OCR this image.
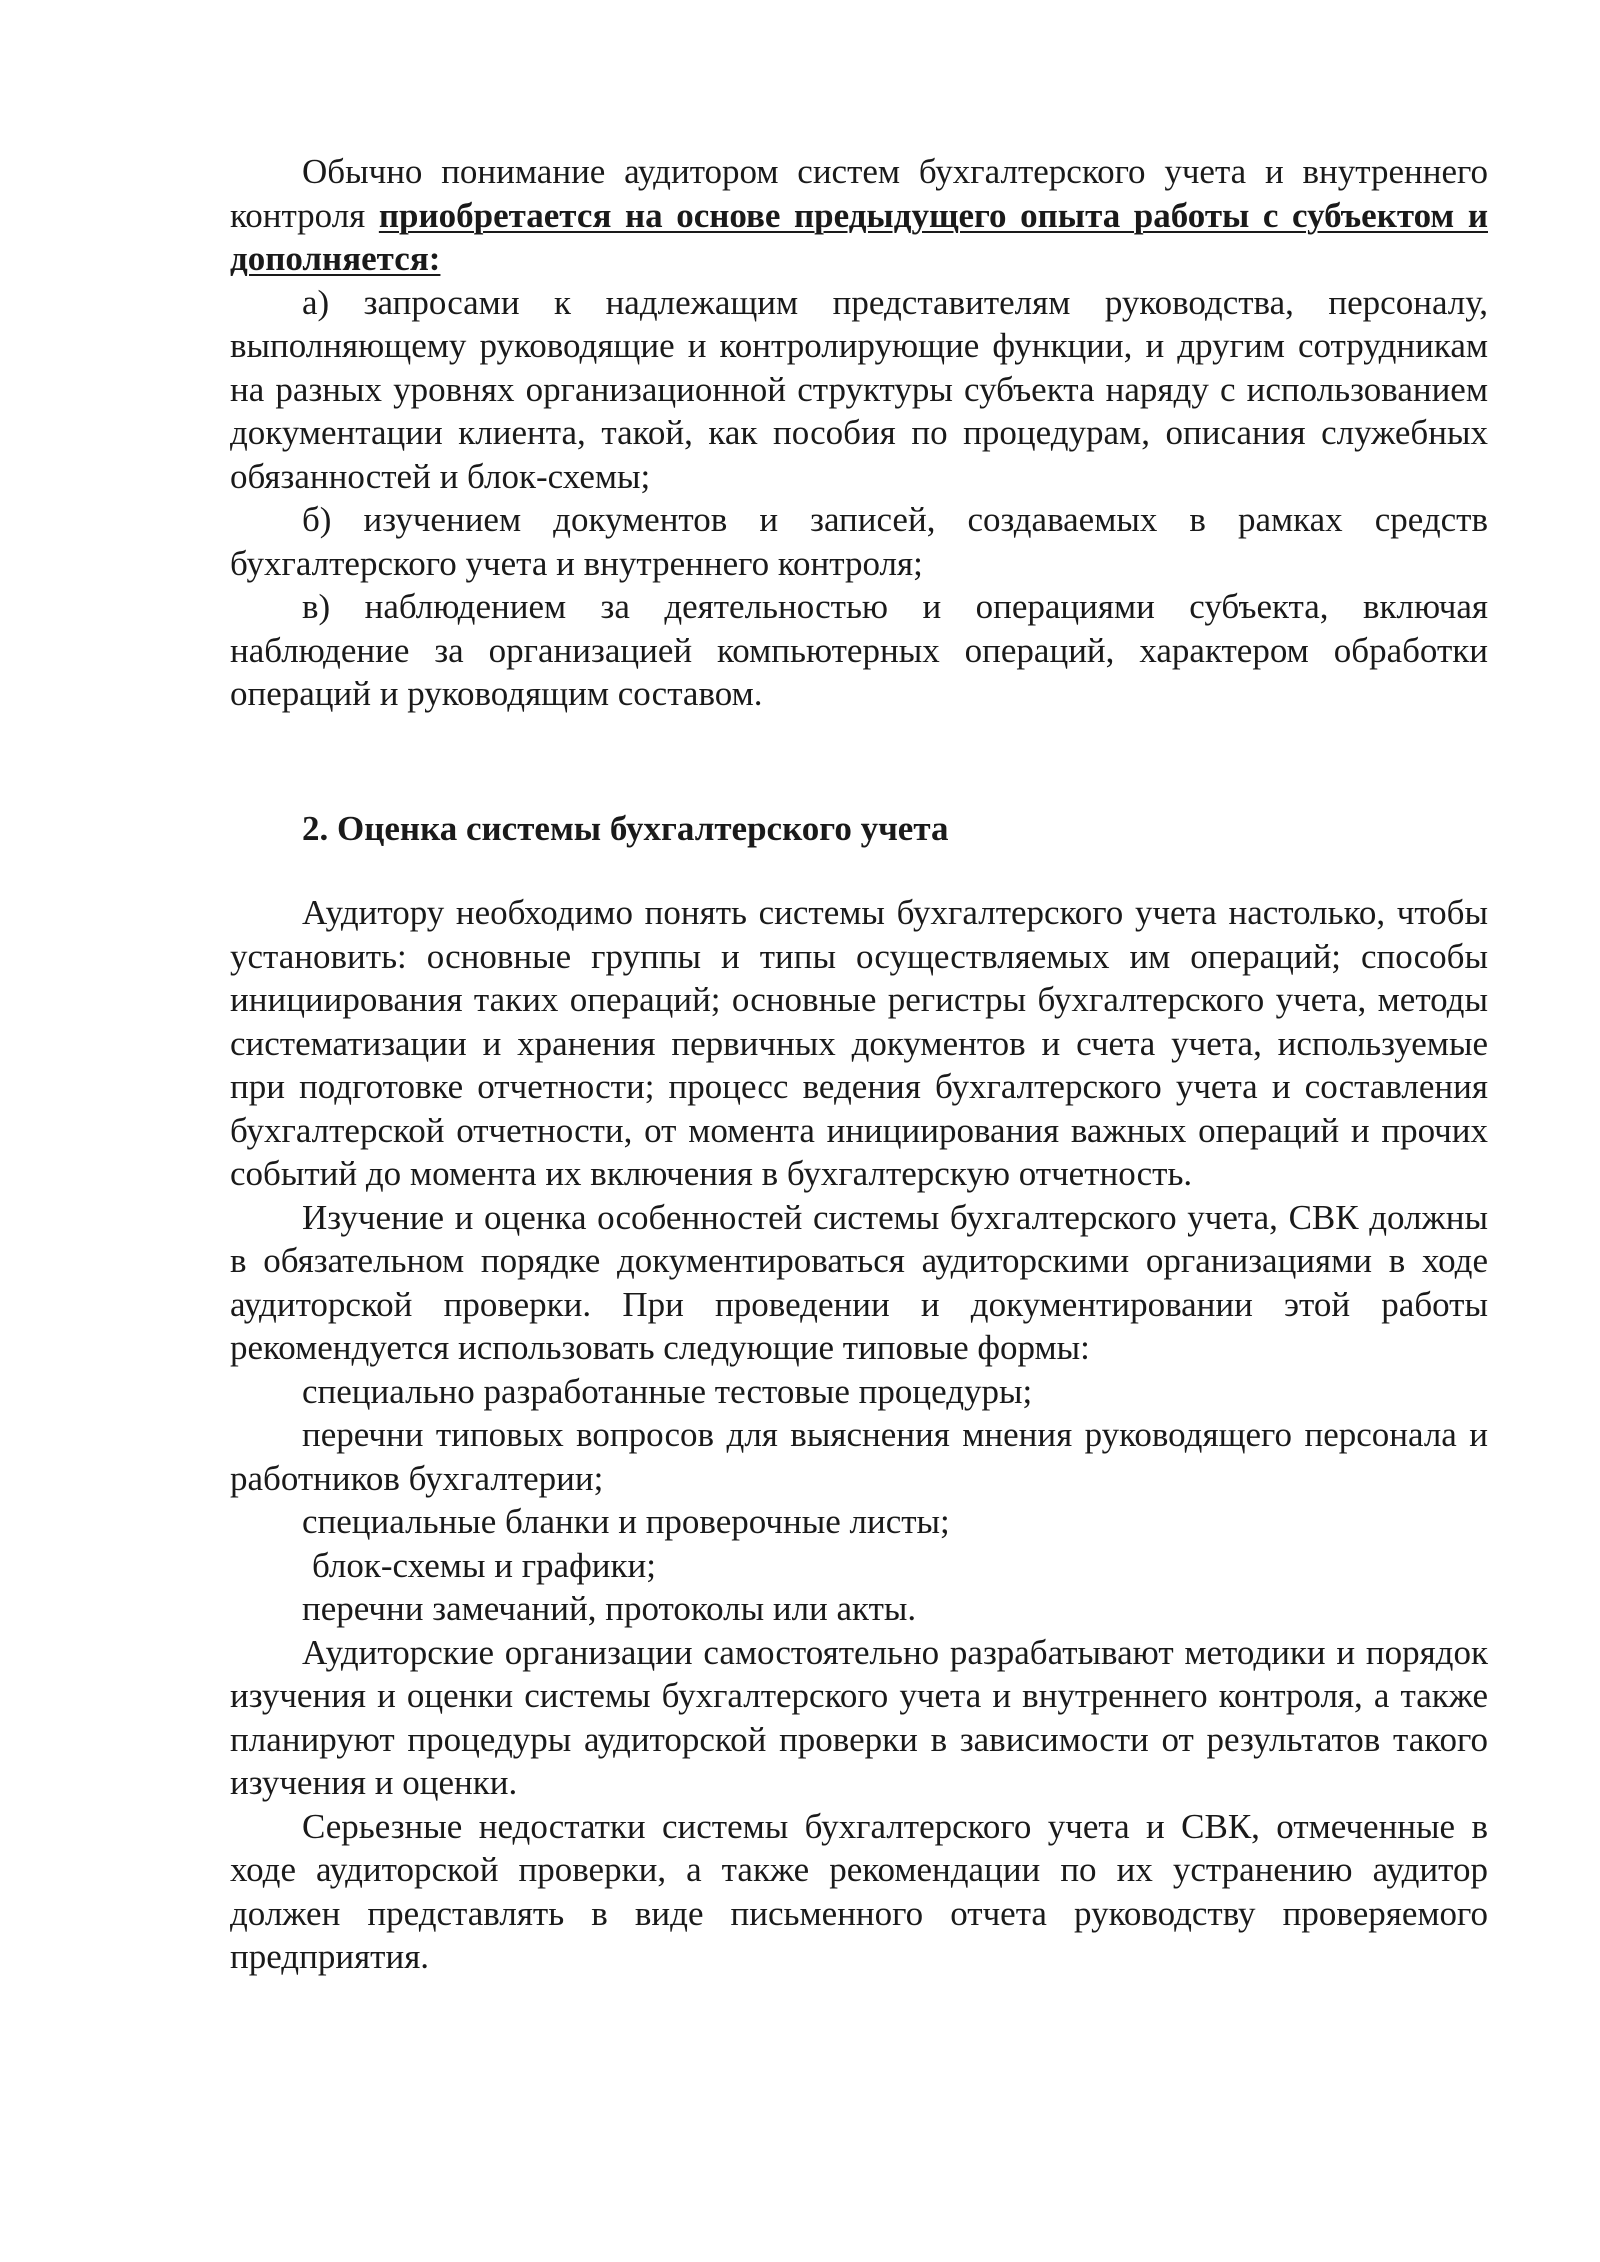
Обычно понимание аудитором систем бухгалтерского учета и внутреннего контроля приобретается на основе предыдущего опыта работы с субъектом и дополняется:

а) запросами к надлежащим представителям руководства, персоналу, выполняющему руководящие и контролирующие функции, и другим сотрудникам на разных уровнях организационной структуры субъекта наряду с использованием документации клиента, такой, как пособия по процедурам, описания служебных обязанностей и блок-схемы;

б) изучением документов и записей, создаваемых в рамках средств бухгалтерского учета и внутреннего контроля;

в) наблюдением за деятельностью и операциями субъекта, включая наблюдение за организацией компьютерных операций, характером обработки операций и руководящим составом.

2. Оценка системы бухгалтерского учета

Аудитору необходимо понять системы бухгалтерского учета настолько, чтобы установить: основные группы и типы осуществляемых им операций; способы инициирования таких операций; основные регистры бухгалтерского учета, методы систематизации и хранения первичных документов и счета учета, используемые при подготовке отчетности; процесс ведения бухгалтерского учета и составления бухгалтерской отчетности, от момента инициирования важных операций и прочих событий до момента их включения в бухгалтерскую отчетность.

Изучение и оценка особенностей системы бухгалтерского учета, СВК должны в обязательном порядке документироваться аудиторскими организациями в ходе аудиторской проверки. При проведении и документировании этой работы рекомендуется использовать следующие типовые формы:

специально разработанные тестовые процедуры;

перечни типовых вопросов для выяснения мнения руководящего персонала и работников бухгалтерии;

специальные бланки и проверочные листы;

блок-схемы и графики;

перечни замечаний, протоколы или акты.

Аудиторские организации самостоятельно разрабатывают методики и порядок изучения и оценки системы бухгалтерского учета и внутреннего контроля, а также планируют процедуры аудиторской проверки в зависимости от результатов такого изучения и оценки.

Серьезные недостатки системы бухгалтерского учета и СВК, отмеченные в ходе аудиторской проверки, а также рекомендации по их устранению аудитор должен представлять в виде письменного отчета руководству проверяемого предприятия.
